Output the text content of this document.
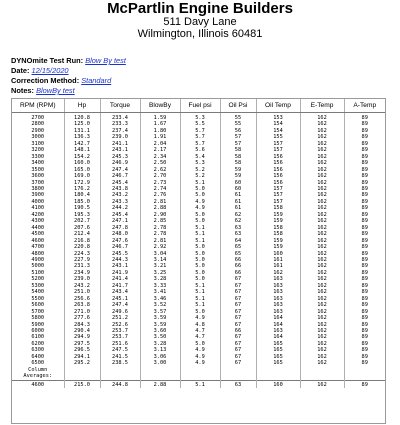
McPartlin Engine Builders
511 Davy Lane
Wilmington, Illinois 60481
DYNOmite Test Run: Blow By test
Date: 12/15/2020
Correction Method: Standard
Notes: BlowBy test
RPM (RPM)	Hp	Torque	BlowBy	Fuel psi	Oil Psi	Oil Temp	E-Temp	A-Temp
2700	120.8	233.4	1.59	5.3	55	153	162	89
2800	125.0	233.3	1.67	5.5	55	154	162	89
2900	131.1	237.4	1.80	5.7	56	154	162	89
3000	136.3	239.0	1.91	5.7	57	155	162	89
3100	142.7	241.1	2.04	5.7	57	157	162	89
3200	148.1	243.1	2.17	5.6	58	157	162	89
3300	154.2	245.3	2.34	5.4	58	156	162	89
3400	160.0	246.9	2.50	5.3	58	156	162	89
3500	165.0	247.4	2.62	5.2	59	156	162	89
3600	169.0	246.7	2.70	5.2	59	156	162	89
3700	172.9	245.4	2.73	5.1	60	156	162	89
3800	176.2	243.8	2.74	5.0	60	157	162	89
3900	180.4	243.2	2.76	5.0	61	157	162	89
4000	185.0	243.3	2.81	4.9	61	157	162	89
4100	190.5	244.2	2.88	4.9	61	158	162	89
4200	195.3	245.4	2.90	5.0	62	159	162	89
4300	202.7	247.1	2.85	5.0	62	159	162	89
4400	207.6	247.8	2.78	5.1	63	158	162	89
4500	212.4	248.0	2.78	5.1	63	158	162	89
4600	216.8	247.6	2.81	5.1	64	159	162	89
4700	220.8	246.7	2.92	5.0	65	159	162	89
4800	224.3	245.5	3.04	5.0	65	160	162	89
4900	227.9	244.3	3.14	5.0	66	161	162	89
5000	231.3	243.1	3.21	5.0	66	161	162	89
5100	234.9	241.9	3.25	5.0	66	162	162	89
5200	239.0	241.4	3.28	5.0	67	163	162	89
5300	243.2	241.7	3.33	5.1	67	163	162	89
5400	251.0	243.4	3.41	5.1	67	163	162	89
5500	256.6	245.1	3.46	5.1	67	163	162	89
5600	263.8	247.4	3.52	5.1	67	163	162	89
5700	271.0	249.6	3.57	5.0	67	163	162	89
5800	277.6	251.2	3.59	4.9	67	164	162	89
5900	284.3	252.6	3.59	4.8	67	164	162	89
6000	290.4	253.7	3.60	4.7	66	163	162	89
6100	294.9	253.7	3.50	4.7	67	164	162	89
6200	297.5	251.6	3.28	5.0	67	165	162	89
6300	296.5	247.5	3.13	4.9	67	165	162	89
6400	294.1	241.5	3.06	4.9	67	165	162	89
6500	295.2	238.5	3.00	4.9	67	165	162	89
Column
Averages:								
4600	215.0	244.8	2.88	5.1	63	160	162	89
